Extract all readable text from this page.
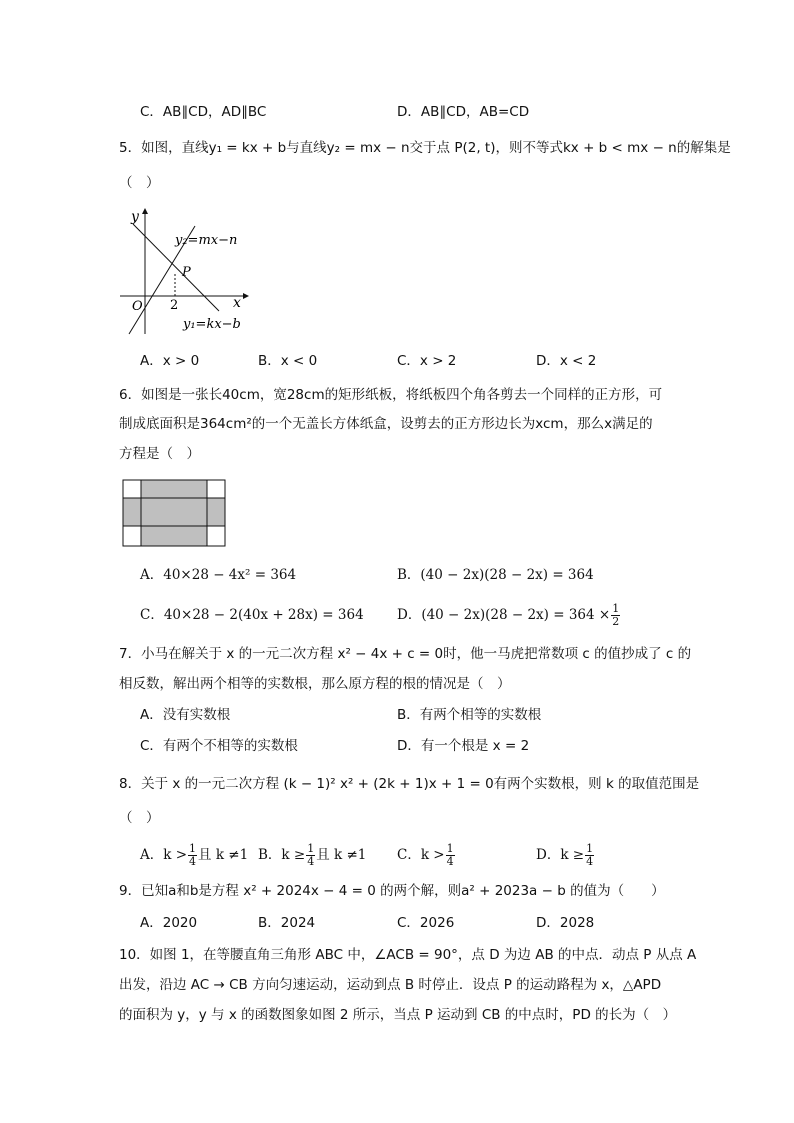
C．AB∥CD，AD∥BC	D．AB∥CD，AB=CD
5．如图，直线y₁ = kx + b与直线y₂ = mx − n交于点 P(2, t)，则不等式kx + b < mx − n的解集是
（　）
y
x
O
P
2
y₂=mx−n
y₁=kx−b
A．x > 0	B．x < 0	C．x > 2	D．x < 2
6．如图是一张长40cm，宽28cm的矩形纸板，将纸板四个角各剪去一个同样的正方形，可
制成底面积是364cm²的一个无盖长方体纸盒，设剪去的正方形边长为xcm，那么x满足的
方程是（　）
A．40×28 − 4x² = 364	B．(40 − 2x)(28 − 2x) = 364
C．40×28 − 2(40x + 28x) = 364 D．$(40 - 2x)(28 - 2x) = 364 \times \frac{1}{2}$
7．小马在解关于 x 的一元二次方程 x² − 4x + c = 0时，他一马虎把常数项 c 的值抄成了 c 的
相反数，解出两个相等的实数根，那么原方程的根的情况是（　）
A．没有实数根	B．有两个相等的实数根
C．有两个不相等的实数根	D．有一个根是 x = 2
8．关于 x 的一元二次方程 (k − 1)² x² + (2k + 1)x + 1 = 0有两个实数根，则 k 的取值范围是
（　）
A．$k > \frac{1}{4}$ 且 k ≠1 B．$k \ge \frac{1}{4}$ 且 k ≠1 C．$k > \frac{1}{4}$	D．$k \ge \frac{1}{4}$
9．已知a和b是方程 x² + 2024x − 4 = 0 的两个解，则a² + 2023a − b 的值为（　　）
A．2020	B．2024	C．2026	D．2028
10．如图 1，在等腰直角三角形 ABC 中，∠ACB = 90°，点 D 为边 AB 的中点．动点 P 从点 A
出发，沿边 AC → CB 方向匀速运动，运动到点 B 时停止．设点 P 的运动路程为 x，△APD
的面积为 y，y 与 x 的函数图象如图 2 所示，当点 P 运动到 CB 的中点时，PD 的长为（　）
